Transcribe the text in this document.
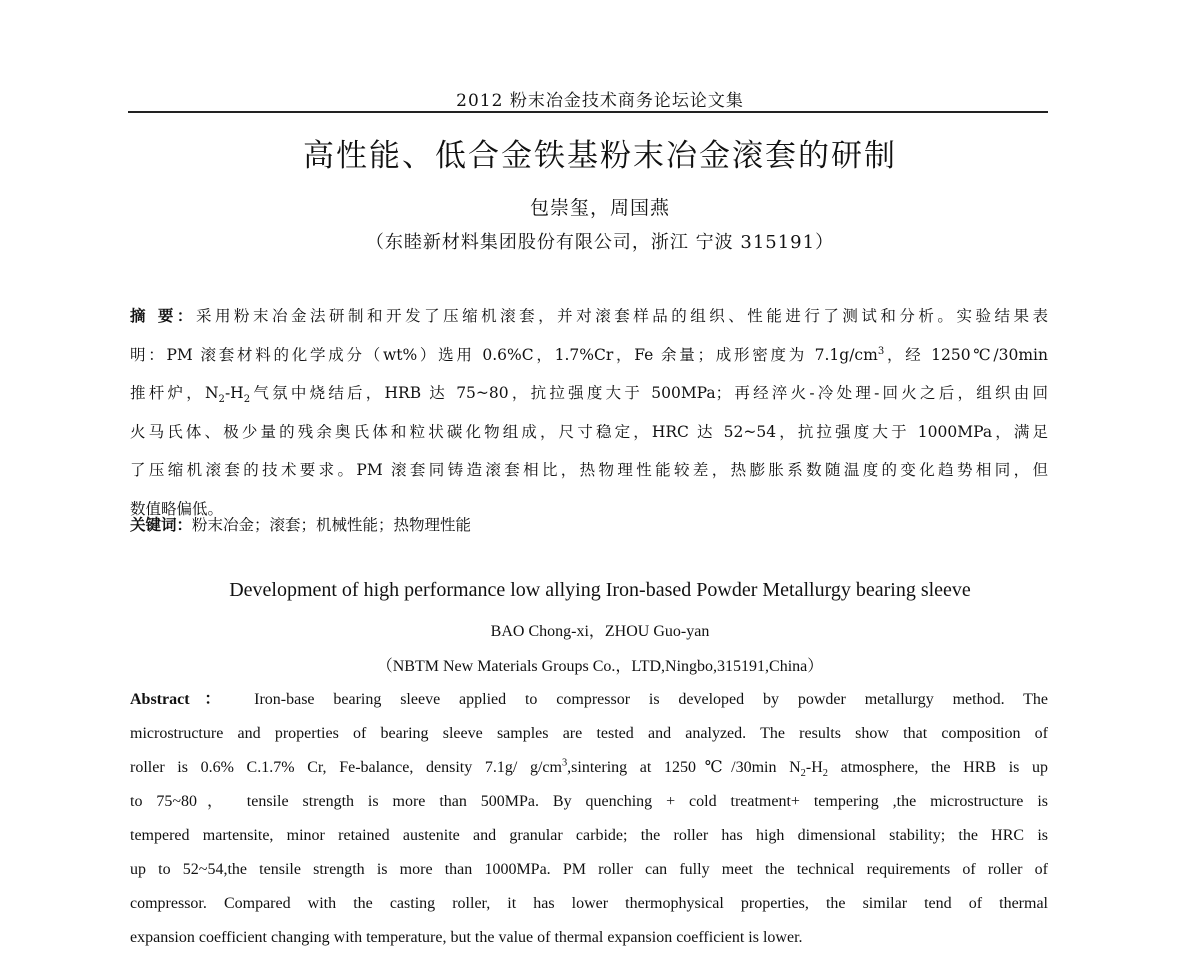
2012 粉末冶金技术商务论坛论文集
高性能、低合金铁基粉末冶金滚套的研制
包崇玺，周国燕
（东睦新材料集团股份有限公司，浙江 宁波 315191）
摘 要：采用粉末冶金法研制和开发了压缩机滚套，并对滚套样品的组织、性能进行了测试和分析。实验结果表
明：PM 滚套材料的化学成分（wt%）选用 0.6%C，1.7%Cr，Fe 余量；成形密度为 $7.1g/cm^3$，经 1250℃/30min
推杆炉，$N_2-H_2$气氛中烧结后，HRB 达 75~80，抗拉强度大于 500MPa；再经淬火-冷处理-回火之后，组织由回
火马氏体、极少量的残余奥氏体和粒状碳化物组成，尺寸稳定，HRC 达 52~54，抗拉强度大于 1000MPa，满足
了压缩机滚套的技术要求。PM 滚套同铸造滚套相比，热物理性能较差，热膨胀系数随温度的变化趋势相同，但
数值略偏低。
关键词：粉末冶金；滚套；机械性能；热物理性能
Development of high performance low allying Iron-based Powder Metallurgy bearing sleeve
BAO Chong-xi，ZHOU Guo-yan
（NBTM New Materials Groups Co.，LTD,Ningbo,315191,China）
Abstract： Iron-base bearing sleeve applied to compressor is developed by powder metallurgy method. The
microstructure and properties of bearing sleeve samples are tested and analyzed. The results show that composition of
roller is 0.6% C.1.7% Cr, Fe-balance, density 7.1g/ $g/cm^3,sintering$ at 1250℃/30min $N_2-H_2$ atmosphere, the HRB is up
to 75~80， tensile strength is more than 500MPa. By quenching + cold treatment+ tempering ,the microstructure is
tempered martensite, minor retained austenite and granular carbide; the roller has high dimensional stability; the HRC is
up to 52~54,the tensile strength is more than 1000MPa. PM roller can fully meet the technical requirements of roller of
compressor. Compared with the casting roller, it has lower thermophysical properties, the similar tend of thermal
expansion coefficient changing with temperature, but the value of thermal expansion coefficient is lower.
